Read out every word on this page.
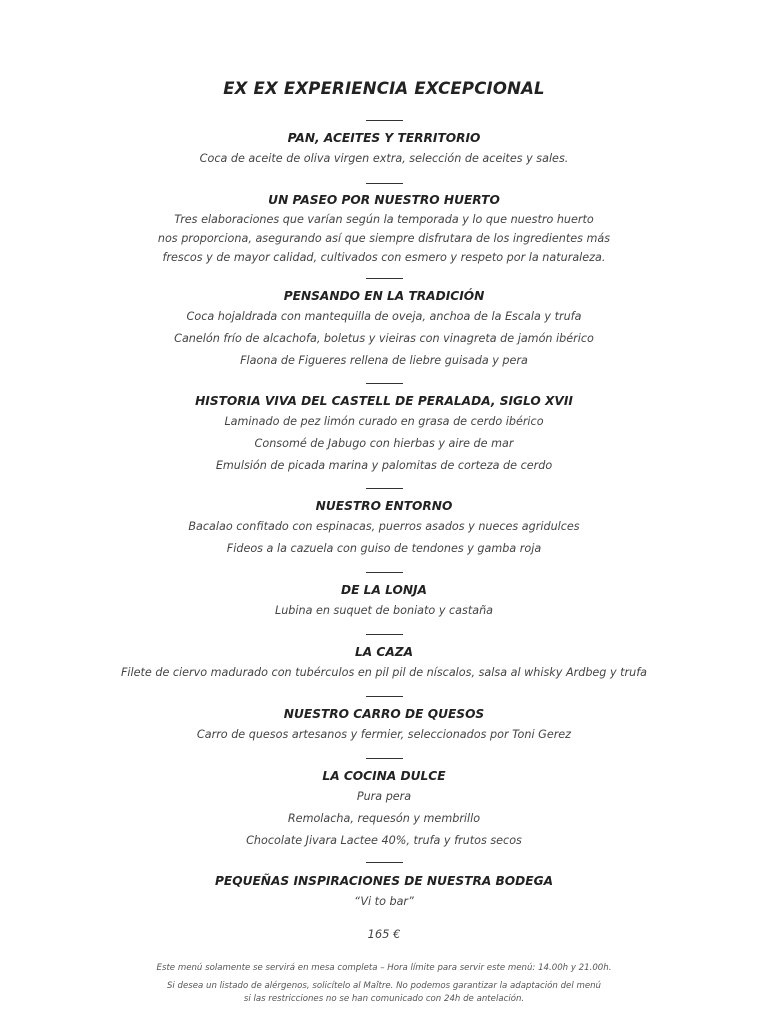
EX EX EXPERIENCIA EXCEPCIONAL
PAN, ACEITES Y TERRITORIO
Coca de aceite de oliva virgen extra, selección de aceites y sales.
UN PASEO POR NUESTRO HUERTO
Tres elaboraciones que varían según la temporada y lo que nuestro huerto
nos proporciona, asegurando así que siempre disfrutara de los ingredientes más
frescos y de mayor calidad, cultivados con esmero y respeto por la naturaleza.
PENSANDO EN LA TRADICIÓN
Coca hojaldrada con mantequilla de oveja, anchoa de la Escala y trufa
Canelón frío de alcachofa, boletus y vieiras con vinagreta de jamón ibérico
Flaona de Figueres rellena de liebre guisada y pera
HISTORIA VIVA DEL CASTELL DE PERALADA, SIGLO XVII
Laminado de pez limón curado en grasa de cerdo ibérico
Consomé de Jabugo con hierbas y aire de mar
Emulsión de picada marina y palomitas de corteza de cerdo
NUESTRO ENTORNO
Bacalao confitado con espinacas, puerros asados y nueces agridulces
Fideos a la cazuela con guiso de tendones y gamba roja
DE LA LONJA
Lubina en suquet de boniato y castaña
LA CAZA
Filete de ciervo madurado con tubérculos en pil pil de níscalos, salsa al whisky Ardbeg y trufa
NUESTRO CARRO DE QUESOS
Carro de quesos artesanos y fermier, seleccionados por Toni Gerez
LA COCINA DULCE
Pura pera
Remolacha, requesón y membrillo
Chocolate Jivara Lactee 40%, trufa y frutos secos
PEQUEÑAS INSPIRACIONES DE NUESTRA BODEGA
“Vi to bar”
165 €
Este menú solamente se servirá en mesa completa – Hora límite para servir este menú: 14.00h y 21.00h.
Si desea un listado de alérgenos, solicítelo al Maître. No podemos garantizar la adaptación del menú
si las restricciones no se han comunicado con 24h de antelación.
